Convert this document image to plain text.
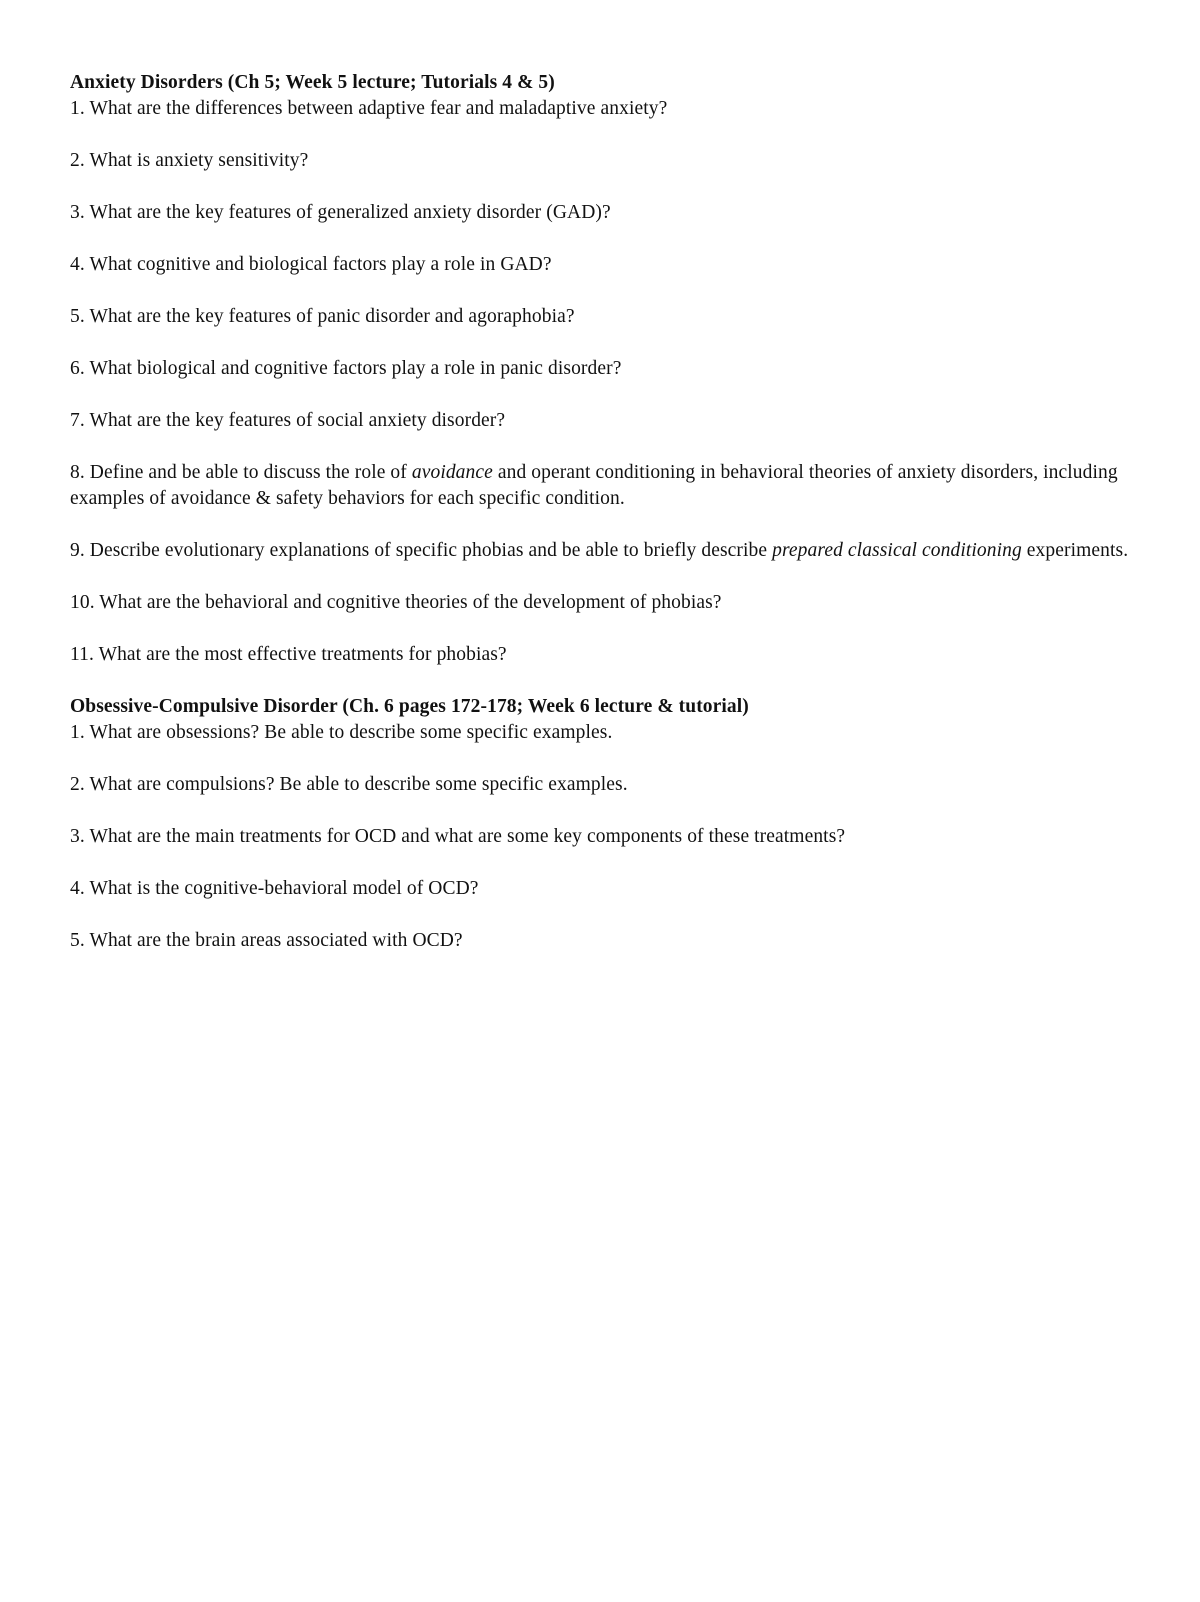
Anxiety Disorders (Ch 5; Week 5 lecture; Tutorials 4 & 5)

1. What are the differences between adaptive fear and maladaptive anxiety?
2. What is anxiety sensitivity?
3. What are the key features of generalized anxiety disorder (GAD)?
4. What cognitive and biological factors play a role in GAD?
5. What are the key features of panic disorder and agoraphobia?
6. What biological and cognitive factors play a role in panic disorder?
7. What are the key features of social anxiety disorder?
8. Define and be able to discuss the role of avoidance and operant conditioning in behavioral theories of anxiety disorders, including examples of avoidance & safety behaviors for each specific condition.
9. Describe evolutionary explanations of specific phobias and be able to briefly describe prepared classical conditioning experiments.
10. What are the behavioral and cognitive theories of the development of phobias?
11. What are the most effective treatments for phobias?

Obsessive-Compulsive Disorder (Ch. 6 pages 172-178; Week 6 lecture & tutorial)

1. What are obsessions? Be able to describe some specific examples.
2. What are compulsions? Be able to describe some specific examples.
3. What are the main treatments for OCD and what are some key components of these treatments?
4. What is the cognitive-behavioral model of OCD?
5. What are the brain areas associated with OCD?
